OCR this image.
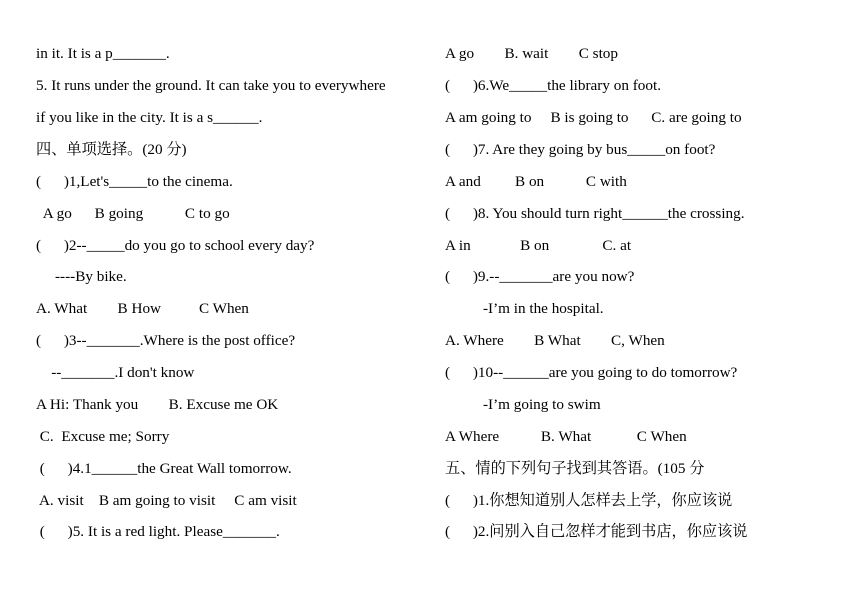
in it. It is a p_______.
5. It runs under the ground. It can take you to everywhere
if you like in the city. It is a s______.
四、单项选择。(20 分)
(      )1,Let's_____to the cinema.
A go      B going           C to go
(      )2--_____do you go to school every day?
----By bike.
A. What        B How          C When
(      )3--_______.Where is the post office?
--_______.I don't know
A Hi: Thank you        B. Excuse me OK
C.  Excuse me; Sorry
(      )4.1______the Great Wall tomorrow.
A. visit    B am going to visit     C am visit
(      )5. It is a red light. Please_______.
A go        B. wait        C stop
(      )6.We_____the library on foot.
A am going to     B is going to      C. are going to
(      )7. Are they going by bus_____on foot?
A and         B on           C with
(      )8. You should turn right______the crossing.
A in             B on              C. at
(      )9.--_______are you now?
-I’m in the hospital.
A. Where        B What        C, When
(      )10--______are you going to do tomorrow?
-I’m going to swim
A Where           B. What            C When
五、情的下列句子找到其答语。(105 分
(      )1.你想知道别人怎样去上学，你应该说
(      )2.问别入自己忽样才能到书店，你应该说
